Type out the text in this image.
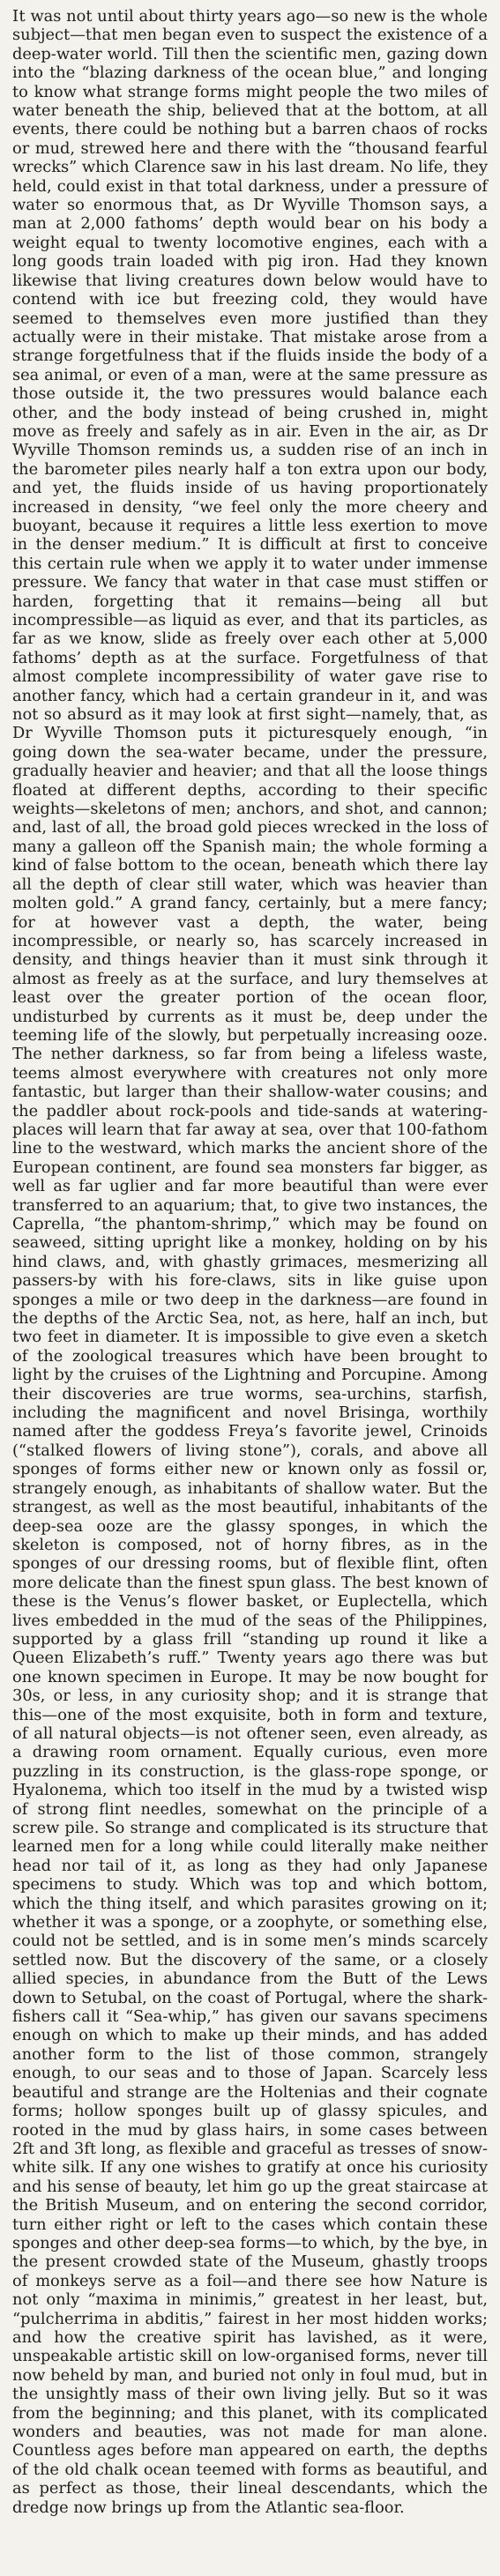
It was not until about thirty years ago—so new is the whole subject—that men began even to suspect the existence of a deep-water world. Till then the scientific men, gazing down into the “blazing darkness of the ocean blue,” and longing to know what strange forms might people the two miles of water beneath the ship, believed that at the bottom, at all events, there could be nothing but a barren chaos of rocks or mud, strewed here and there with the “thousand fearful wrecks” which Clarence saw in his last dream. No life, they held, could exist in that total darkness, under a pressure of water so enormous that, as Dr Wyville Thomson says, a man at 2,000 fathoms’ depth would bear on his body a weight equal to twenty locomotive engines, each with a long goods train loaded with pig iron. Had they known likewise that living creatures down below would have to contend with ice but freezing cold, they would have seemed to themselves even more justified than they actually were in their mistake. That mistake arose from a strange forgetfulness that if the fluids inside the body of a sea animal, or even of a man, were at the same pressure as those outside it, the two pressures would balance each other, and the body instead of being crushed in, might move as freely and safely as in air. Even in the air, as Dr Wyville Thomson reminds us, a sudden rise of an inch in the barometer piles nearly half a ton extra upon our body, and yet, the fluids inside of us having proportionately increased in density, “we feel only the more cheery and buoyant, because it requires a little less exertion to move in the denser medium.” It is difficult at first to conceive this certain rule when we apply it to water under immense pressure. We fancy that water in that case must stiffen or harden, forgetting that it remains—being all but incompressible—as liquid as ever, and that its particles, as far as we know, slide as freely over each other at 5,000 fathoms’ depth as at the surface. Forgetfulness of that almost complete incompressibility of water gave rise to another fancy, which had a certain grandeur in it, and was not so absurd as it may look at first sight—namely, that, as Dr Wyville Thomson puts it picturesquely enough, “in going down the sea-water became, under the pressure, gradually heavier and heavier; and that all the loose things floated at different depths, according to their specific weights—skeletons of men; anchors, and shot, and cannon; and, last of all, the broad gold pieces wrecked in the loss of many a galleon off the Spanish main; the whole forming a kind of false bottom to the ocean, beneath which there lay all the depth of clear still water, which was heavier than molten gold.” A grand fancy, certainly, but a mere fancy; for at however vast a depth, the water, being incompressible, or nearly so, has scarcely increased in density, and things heavier than it must sink through it almost as freely as at the surface, and lury themselves at least over the greater portion of the ocean floor, undisturbed by currents as it must be, deep under the teeming life of the slowly, but perpetually increasing ooze. The nether darkness, so far from being a lifeless waste, teems almost everywhere with creatures not only more fantastic, but larger than their shallow-water cousins; and the paddler about rock-pools and tide-sands at watering-places will learn that far away at sea, over that 100-fathom line to the westward, which marks the ancient shore of the European continent, are found sea monsters far bigger, as well as far uglier and far more beautiful than were ever transferred to an aquarium; that, to give two instances, the Caprella, “the phantom-shrimp,” which may be found on seaweed, sitting upright like a monkey, holding on by his hind claws, and, with ghastly grimaces, mesmerizing all passers-by with his fore-claws, sits in like guise upon sponges a mile or two deep in the darkness—are found in the depths of the Arctic Sea, not, as here, half an inch, but two feet in diameter. It is impossible to give even a sketch of the zoological treasures which have been brought to light by the cruises of the Lightning and Porcupine. Among their discoveries are true worms, sea-urchins, starfish, including the magnificent and novel Brisinga, worthily named after the goddess Freya’s favorite jewel, Crinoids (“stalked flowers of living stone”), corals, and above all sponges of forms either new or known only as fossil or, strangely enough, as inhabitants of shallow water. But the strangest, as well as the most beautiful, inhabitants of the deep-sea ooze are the glassy sponges, in which the skeleton is composed, not of horny fibres, as in the sponges of our dressing rooms, but of flexible flint, often more delicate than the finest spun glass. The best known of these is the Venus’s flower basket, or Euplectella, which lives embedded in the mud of the seas of the Philippines, supported by a glass frill “standing up round it like a Queen Elizabeth’s ruff.” Twenty years ago there was but one known specimen in Europe. It may be now bought for 30s, or less, in any curiosity shop; and it is strange that this—one of the most exquisite, both in form and texture, of all natural objects—is not oftener seen, even already, as a drawing room ornament. Equally curious, even more puzzling in its construction, is the glass-rope sponge, or Hyalonema, which too itself in the mud by a twisted wisp of strong flint needles, somewhat on the principle of a screw pile. So strange and complicated is its structure that learned men for a long while could literally make neither head nor tail of it, as long as they had only Japanese specimens to study. Which was top and which bottom, which the thing itself, and which parasites growing on it; whether it was a sponge, or a zoophyte, or something else, could not be settled, and is in some men’s minds scarcely settled now. But the discovery of the same, or a closely allied species, in abundance from the Butt of the Lews down to Setubal, on the coast of Portugal, where the shark-fishers call it “Sea-whip,” has given our savans specimens enough on which to make up their minds, and has added another form to the list of those common, strangely enough, to our seas and to those of Japan. Scarcely less beautiful and strange are the Holtenias and their cognate forms; hollow sponges built up of glassy spicules, and rooted in the mud by glass hairs, in some cases between 2ft and 3ft long, as flexible and graceful as tresses of snow-white silk. If any one wishes to gratify at once his curiosity and his sense of beauty, let him go up the great staircase at the British Museum, and on entering the second corridor, turn either right or left to the cases which contain these sponges and other deep-sea forms—to which, by the bye, in the present crowded state of the Museum, ghastly troops of monkeys serve as a foil—and there see how Nature is not only “maxima in minimis,” greatest in her least, but, “pulcherrima in abditis,” fairest in her most hidden works; and how the creative spirit has lavished, as it were, unspeakable artistic skill on low-organised forms, never till now beheld by man, and buried not only in foul mud, but in the unsightly mass of their own living jelly. But so it was from the beginning; and this planet, with its complicated wonders and beauties, was not made for man alone. Countless ages before man appeared on earth, the depths of the old chalk ocean teemed with forms as beautiful, and as perfect as those, their lineal descendants, which the dredge now brings up from the Atlantic sea-floor.
